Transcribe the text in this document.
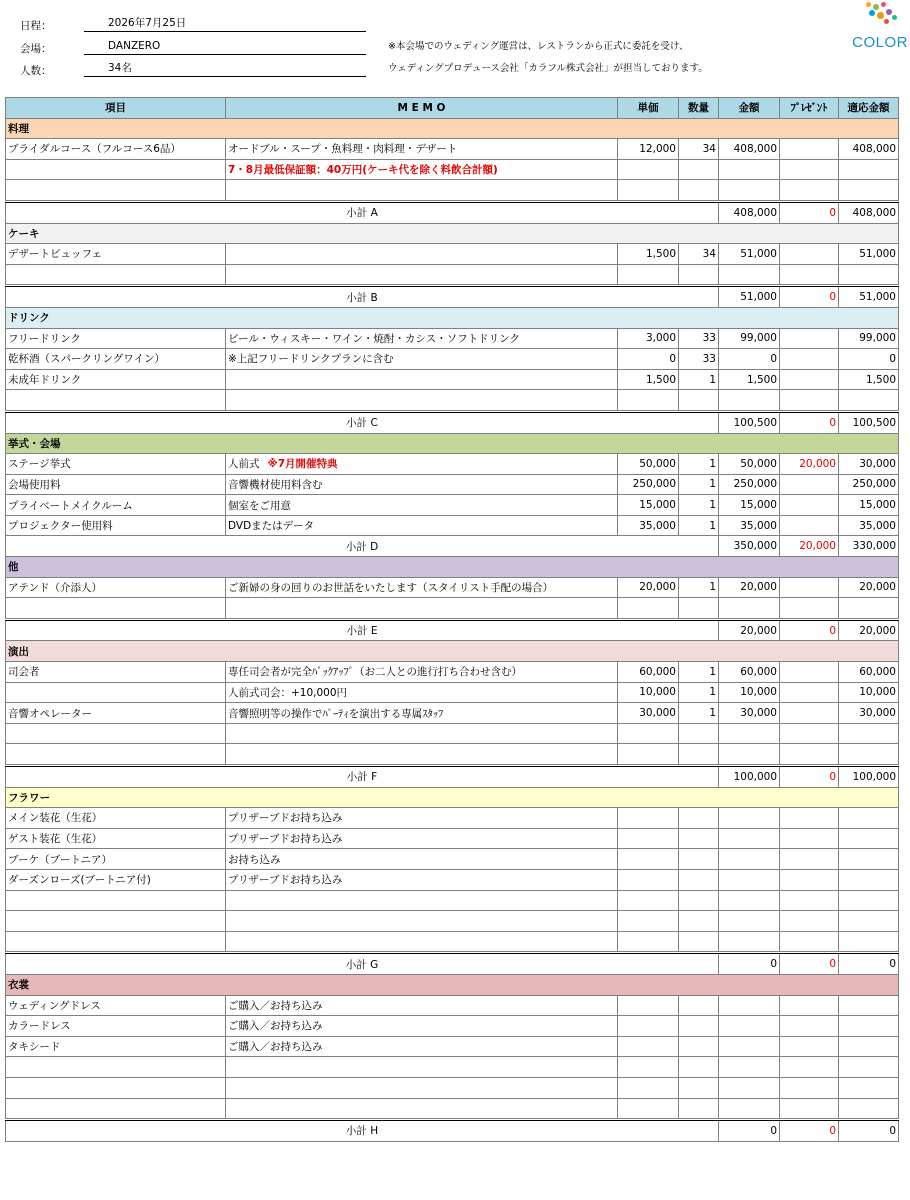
日程：	2026年7月25日
会場：	DANZERO
人数：	34名
※本会場でのウェディング運営は、レストランから正式に委託を受け、
ウェディングプロデュース会社「カラフル株式会社」が担当しております。
COLOR
項目	M E M O	単価	数量	金額	ﾌﾟﾚｾﾞﾝﾄ	適応金額
料理						
ブライダルコース（フルコース6品）	オードブル・スープ・魚料理・肉料理・デザート	12,000	34	408,000		408,000
	7・8月最低保証額：40万円(ケーキ代を除く料飲合計額)					

小計 A				408,000	0	408,000
ケーキ						
デザートビュッフェ		1,500	34	51,000		51,000

小計 B				51,000	0	51,000
ドリンク						
フリードリンク	ビール・ウィスキー・ワイン・焼酎・カシス・ソフトドリンク	3,000	33	99,000		99,000
乾杯酒（スパークリングワイン）	※上記フリードリンクプランに含む	0	33	0		0
未成年ドリンク		1,500	1	1,500		1,500

小計 C				100,500	0	100,500
挙式・会場						
ステージ挙式	人前式 ※7月開催特典	50,000	1	50,000	20,000	30,000
会場使用料	音響機材使用料含む	250,000	1	250,000		250,000
プライベートメイクルーム	個室をご用意	15,000	1	15,000		15,000
プロジェクター使用料	DVDまたはデータ	35,000	1	35,000		35,000
小計 D				350,000	20,000	330,000
他						
アテンド（介添人）	ご新婦の身の回りのお世話をいたします（スタイリスト手配の場合）	20,000	1	20,000		20,000

小計 E				20,000	0	20,000
演出						
司会者	専任司会者が完全ﾊﾞｯｸｱｯﾌﾟ（お二人との進行打ち合わせ含む）	60,000	1	60,000		60,000
	人前式司会：+10,000円	10,000	1	10,000		10,000
音響オペレーター	音響照明等の操作でﾊﾟｰﾃｨを演出する専属ｽﾀｯﾌ	30,000	1	30,000		30,000

小計 F				100,000	0	100,000
フラワー						
メイン装花（生花）	プリザーブドお持ち込み					
ゲスト装花（生花）	プリザーブドお持ち込み					
ブーケ（ブートニア）	お持ち込み					
ダーズンローズ(ブートニア付)	プリザーブドお持ち込み					

小計 G				0	0	0
衣裳						
ウェディングドレス	ご購入／お持ち込み					
カラードレス	ご購入／お持ち込み					
タキシード	ご購入／お持ち込み					

小計 H				0	0	0
